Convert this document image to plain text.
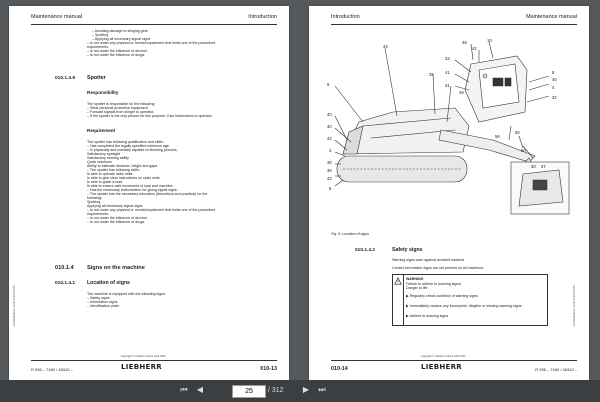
Maintenance manual	Introduction
– Avoiding damage to slinging gear
– Spotting
– Applying all necessary signal signs
– is not under any physical or mental impairment that limits one of the prescribed
requirements.
– is not under the influence of alcohol.
– is not under the influence of drugs.
010.1.3.9 Spotter
Responsibility
The spotter is responsible for the following:
– Wear personal protective equipment.
– Forward signals from slinger to operator.
– If the spotter is the only person for this purpose: Give instructions to operator.
Requirement
The spotter has following qualification and skills:
– Has completed the legally specified minimum age.
– Is physically and mentally capable of directing persons,
Satisfactory eyesight
Satisfactory hearing ability
Quick reactions
Ability to estimate distance, height and gaps.
– The spotter has following skills:
Is able to operate radio units.
Is able to give clear instructions on radio units.
Is able to guide a load.
Is able to ensure safe movement of load and machine.
– Has the necessary authorization for giving signal signs.
– The spotter has the necessary education (theoretical and practical) for the
following:
Spotting
Applying all necessary signal signs
– is not under any physical or mental impairment that limits one of the prescribed
requirements.
– is not under the influence of alcohol.
– is not under the influence of drugs.
010.1.4 Signs on the machine
010.1.4.1 Location of signs
The machine is equipped with the following signs:
– Safety signs
– Information signs
– Identification plate
LFR/de/Edition: 04.05.2021/Nr.0001
copyright © Liebherr-France SAS 2021
R 936 – 7460 / 46310 –	LIEBHERR	010-13
Introduction	Maintenance manual
48
42
10
33
41
31
8
40
4
32
9
40
40
42
3
38
36
43
5
55
56
49
44
30 37
35
50
Fig. 9: Location of signs
010.1.4.2	Safety signs
Warning signs warn against accident hazards.
Certain information signs are not present on all machines.
WARNING
Failure to adhere to warning signs!
Danger to life.
▶ Regularly check condition of warning signs.
▶ Immediately replace any incomplete, illegible or missing warning signs.
▶ Adhere to warning signs.	LFR/de/Edition: 04.05.2021/Nr.0001
copyright © Liebherr-France SAS 2021
010-14	LIEBHERR	R 936 – 7460 / 46310 –
⏮	◀	25	/ 312	▶	⏭
